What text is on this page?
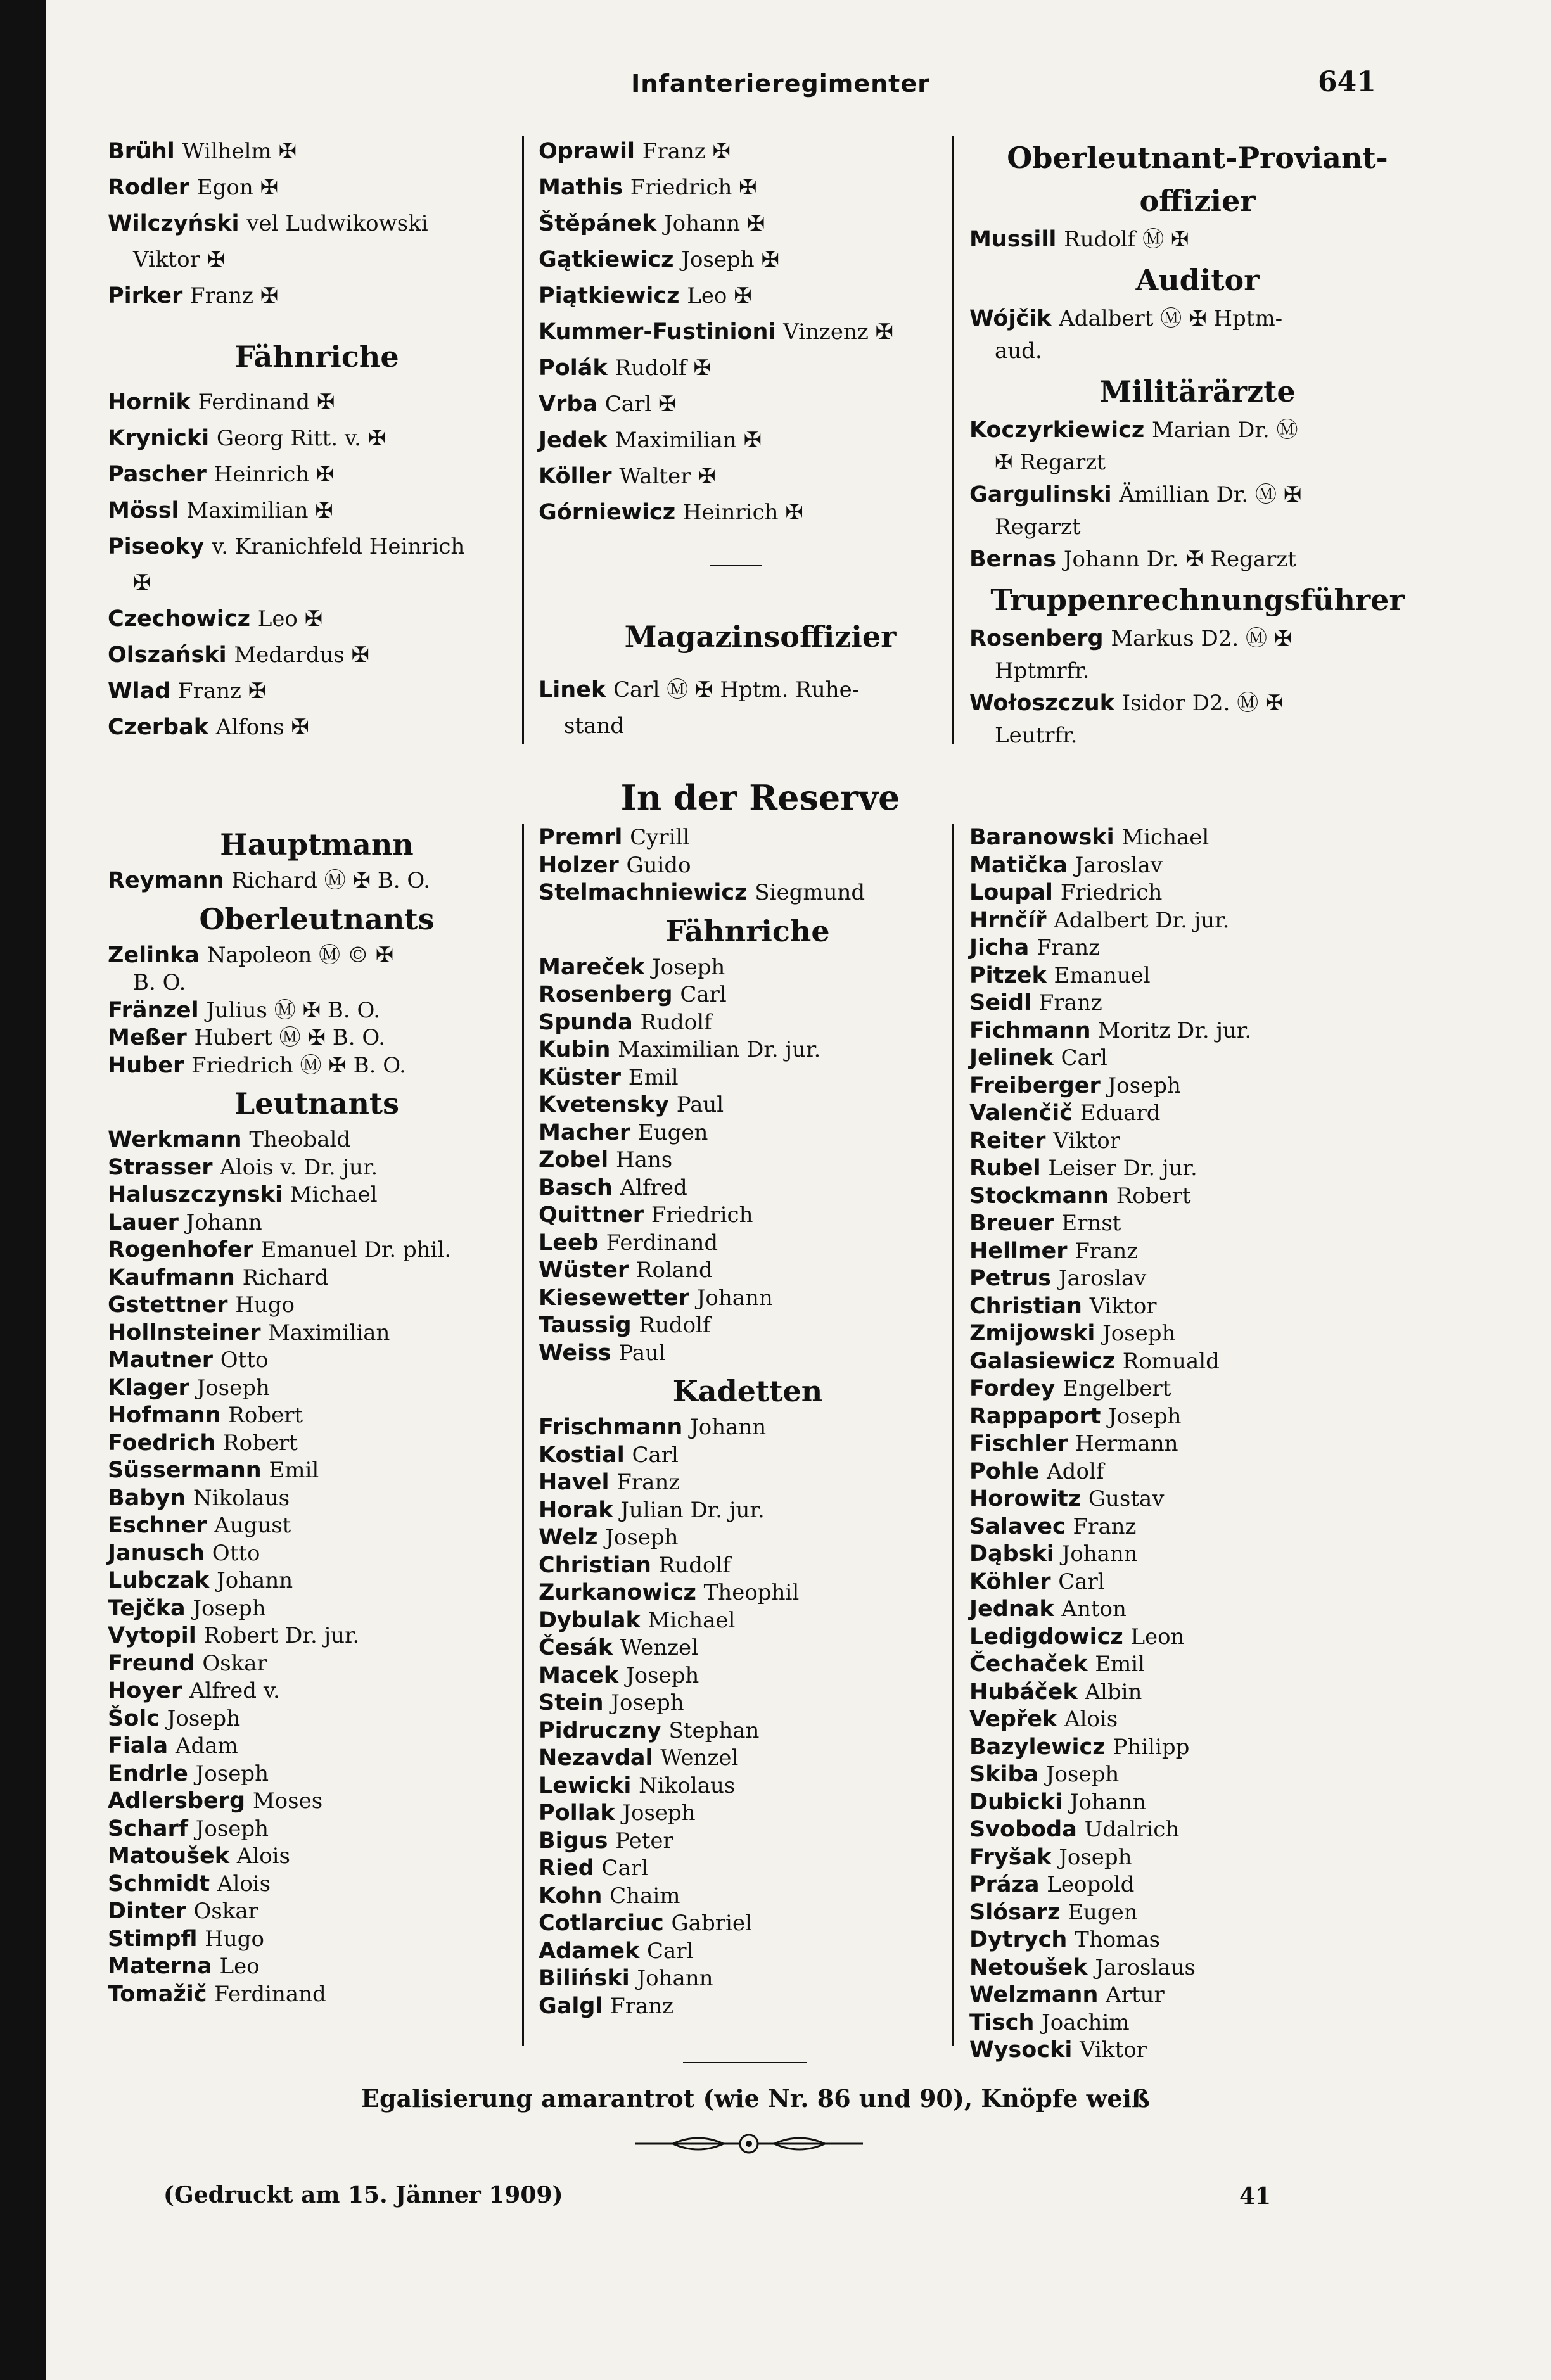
Infanterieregimenter	641
Brühl Wilhelm ✠
Rodler Egon ✠
Wilczyński vel Ludwikowski
Viktor ✠
Pirker Franz ✠
Fähnriche
Hornik Ferdinand ✠
Krynicki Georg Ritt. v. ✠
Pascher Heinrich ✠
Mössl Maximilian ✠
Piseoky v. Kranichfeld Heinrich
✠
Czechowicz Leo ✠
Olszański Medardus ✠
Wlad Franz ✠
Czerbak Alfons ✠
Oprawil Franz ✠
Mathis Friedrich ✠
Štěpánek Johann ✠
Gątkiewicz Joseph ✠
Piątkiewicz Leo ✠
Kummer-Fustinioni Vinzenz ✠
Polák Rudolf ✠
Vrba Carl ✠
Jedek Maximilian ✠
Köller Walter ✠
Górniewicz Heinrich ✠
Magazinsoffizier
Linek Carl Ⓜ ✠ Hptm. Ruhe-
stand
Oberleutnant-Proviant-
offizier
Mussill Rudolf Ⓜ ✠
Auditor
Wójčik Adalbert Ⓜ ✠ Hptm-
aud.
Militärärzte
Koczyrkiewicz Marian Dr. Ⓜ
✠ Regarzt
Gargulinski Ämillian Dr. Ⓜ ✠
Regarzt
Bernas Johann Dr. ✠ Regarzt
Truppenrechnungsführer
Rosenberg Markus D2. Ⓜ ✠
Hptmrfr.
Wołoszczuk Isidor D2. Ⓜ ✠
Leutrfr.
In der Reserve
Hauptmann
Reymann Richard Ⓜ ✠ B. O.
Oberleutnants
Zelinka Napoleon Ⓜ © ✠
B. O.
Fränzel Julius Ⓜ ✠ B. O.
Meßer Hubert Ⓜ ✠ B. O.
Huber Friedrich Ⓜ ✠ B. O.
Leutnants
Werkmann Theobald
Strasser Alois v. Dr. jur.
Haluszczynski Michael
Lauer Johann
Rogenhofer Emanuel Dr. phil.
Kaufmann Richard
Gstettner Hugo
Hollnsteiner Maximilian
Mautner Otto
Klager Joseph
Hofmann Robert
Foedrich Robert
Süssermann Emil
Babyn Nikolaus
Eschner August
Janusch Otto
Lubczak Johann
Tejčka Joseph
Vytopil Robert Dr. jur.
Freund Oskar
Hoyer Alfred v.
Šolc Joseph
Fiala Adam
Endrle Joseph
Adlersberg Moses
Scharf Joseph
Matoušek Alois
Schmidt Alois
Dinter Oskar
Stimpfl Hugo
Materna Leo
Tomažič Ferdinand
Premrl Cyrill
Holzer Guido
Stelmachniewicz Siegmund
Fähnriche
Mareček Joseph
Rosenberg Carl
Spunda Rudolf
Kubin Maximilian Dr. jur.
Küster Emil
Kvetensky Paul
Macher Eugen
Zobel Hans
Basch Alfred
Quittner Friedrich
Leeb Ferdinand
Wüster Roland
Kiesewetter Johann
Taussig Rudolf
Weiss Paul
Kadetten
Frischmann Johann
Kostial Carl
Havel Franz
Horak Julian Dr. jur.
Welz Joseph
Christian Rudolf
Zurkanowicz Theophil
Dybulak Michael
Česák Wenzel
Macek Joseph
Stein Joseph
Pidruczny Stephan
Nezavdal Wenzel
Lewicki Nikolaus
Pollak Joseph
Bigus Peter
Ried Carl
Kohn Chaim
Cotlarciuc Gabriel
Adamek Carl
Biliński Johann
Galgl Franz
Baranowski Michael
Matička Jaroslav
Loupal Friedrich
Hrnčíř Adalbert Dr. jur.
Jicha Franz
Pitzek Emanuel
Seidl Franz
Fichmann Moritz Dr. jur.
Jelinek Carl
Freiberger Joseph
Valenčič Eduard
Reiter Viktor
Rubel Leiser Dr. jur.
Stockmann Robert
Breuer Ernst
Hellmer Franz
Petrus Jaroslav
Christian Viktor
Zmijowski Joseph
Galasiewicz Romuald
Fordey Engelbert
Rappaport Joseph
Fischler Hermann
Pohle Adolf
Horowitz Gustav
Salavec Franz
Dąbski Johann
Köhler Carl
Jednak Anton
Ledigdowicz Leon
Čechaček Emil
Hubáček Albin
Vepřek Alois
Bazylewicz Philipp
Skiba Joseph
Dubicki Johann
Svoboda Udalrich
Fryšak Joseph
Práza Leopold
Slósarz Eugen
Dytrych Thomas
Netoušek Jaroslaus
Welzmann Artur
Tisch Joachim
Wysocki Viktor
Egalisierung amarantrot (wie Nr. 86 und 90), Knöpfe weiß
(Gedruckt am 15. Jänner 1909)	41
